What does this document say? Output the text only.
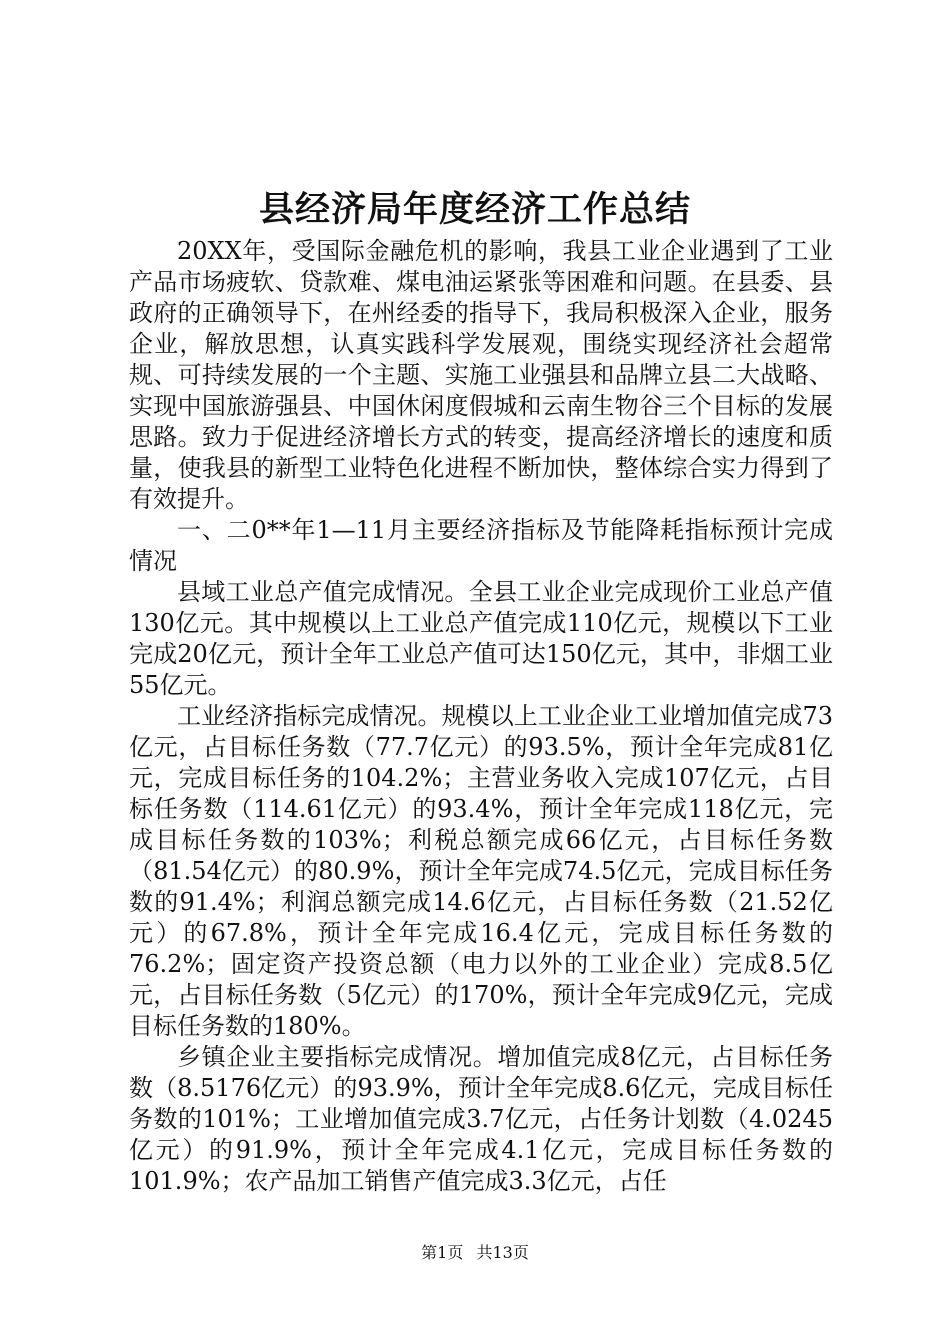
县经济局年度经济工作总结

20XX年，受国际金融危机的影响，我县工业企业遇到了工业产品市场疲软、贷款难、煤电油运紧张等困难和问题。在县委、县政府的正确领导下，在州经委的指导下，我局积极深入企业，服务企业，解放思想，认真实践科学发展观，围绕实现经济社会超常规、可持续发展的一个主题、实施工业强县和品牌立县二大战略、实现中国旅游强县、中国休闲度假城和云南生物谷三个目标的发展思路。致力于促进经济增长方式的转变，提高经济增长的速度和质量，使我县的新型工业特色化进程不断加快，整体综合实力得到了有效提升。

一、二0**年1—11月主要经济指标及节能降耗指标预计完成情况

县域工业总产值完成情况。全县工业企业完成现价工业总产值130亿元。其中规模以上工业总产值完成110亿元，规模以下工业完成20亿元，预计全年工业总产值可达150亿元，其中，非烟工业55亿元。

工业经济指标完成情况。规模以上工业企业工业增加值完成73亿元，占目标任务数（77.7亿元）的93.5%，预计全年完成81亿元，完成目标任务的104.2%；主营业务收入完成107亿元，占目标任务数（114.61亿元）的93.4%，预计全年完成118亿元，完成目标任务数的103%；利税总额完成66亿元，占目标任务数（81.54亿元）的80.9%，预计全年完成74.5亿元，完成目标任务数的91.4%；利润总额完成14.6亿元，占目标任务数（21.52亿元）的67.8%，预计全年完成16.4亿元，完成目标任务数的76.2%；固定资产投资总额（电力以外的工业企业）完成8.5亿元，占目标任务数（5亿元）的170%，预计全年完成9亿元，完成目标任务数的180%。

乡镇企业主要指标完成情况。增加值完成8亿元，占目标任务数（8.5176亿元）的93.9%，预计全年完成8.6亿元，完成目标任务数的101%；工业增加值完成3.7亿元，占任务计划数（4.0245亿元）的91.9%，预计全年完成4.1亿元，完成目标任务数的101.9%；农产品加工销售产值完成3.3亿元，占任

第1页 共13页
